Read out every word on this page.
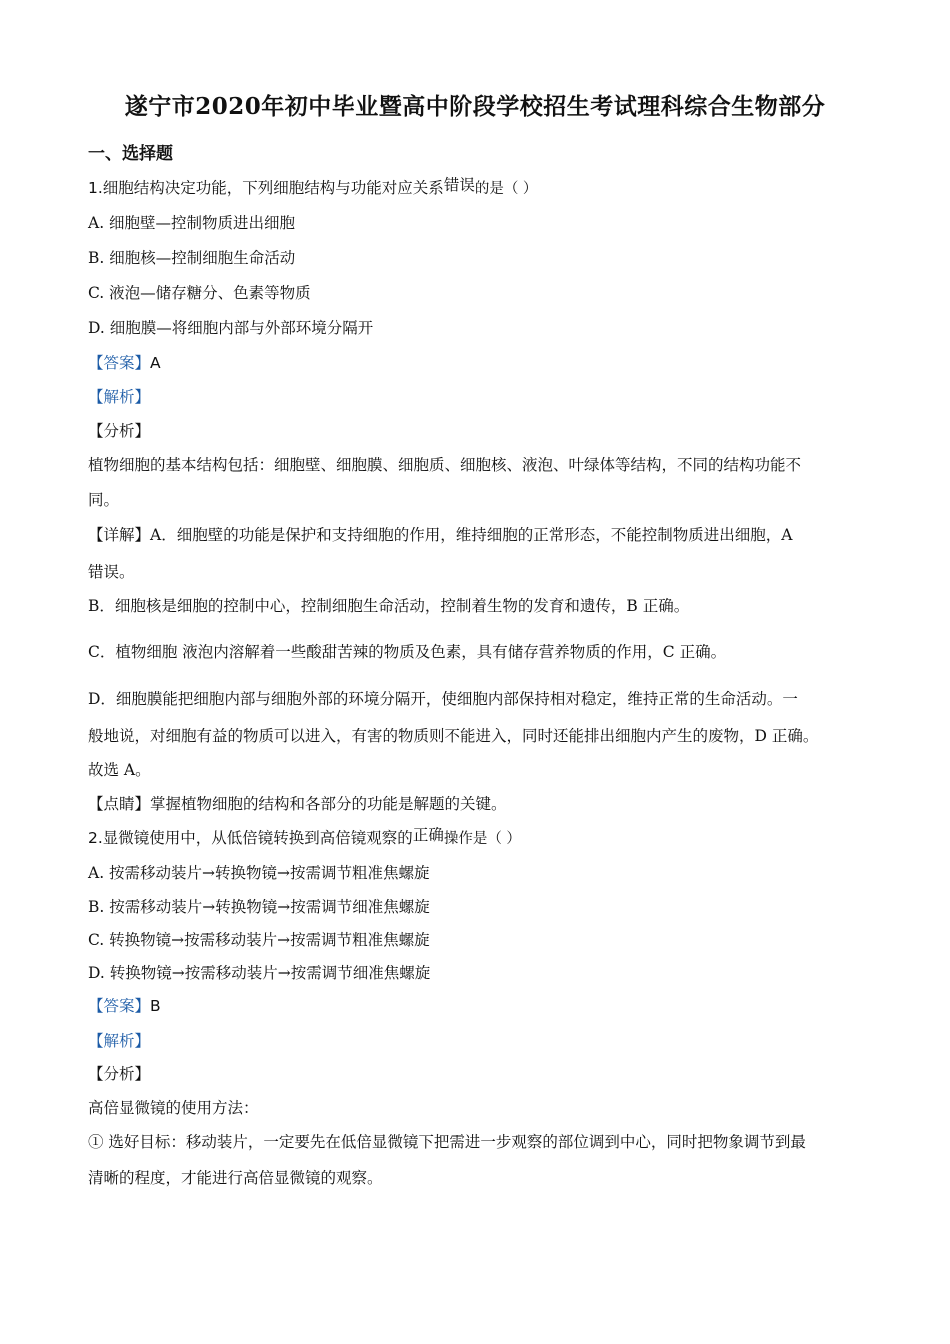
遂宁市2020年初中毕业暨高中阶段学校招生考试理科综合生物部分
一、选择题
1.细胞结构决定功能，下列细胞结构与功能对应关系错误的是（ ）
A. 细胞壁—控制物质进出细胞
B. 细胞核—控制细胞生命活动
C. 液泡—储存糖分、色素等物质
D. 细胞膜—将细胞内部与外部环境分隔开
【答案】A
【解析】
【分析】
植物细胞的基本结构包括：细胞壁、细胞膜、细胞质、细胞核、液泡、叶绿体等结构，不同的结构功能不
同。
【详解】A．细胞壁的功能是保护和支持细胞的作用，维持细胞的正常形态，不能控制物质进出细胞，A
错误。
B．细胞核是细胞的控制中心，控制细胞生命活动，控制着生物的发育和遗传，B 正确。
C．植物细胞 液泡内溶解着一些酸甜苦辣的物质及色素，具有储存营养物质的作用，C 正确。
D．细胞膜能把细胞内部与细胞外部的环境分隔开，使细胞内部保持相对稳定，维持正常的生命活动。一
般地说，对细胞有益的物质可以进入，有害的物质则不能进入，同时还能排出细胞内产生的废物，D 正确。
故选 A。
【点睛】掌握植物细胞的结构和各部分的功能是解题的关键。
2.显微镜使用中，从低倍镜转换到高倍镜观察的正确操作是（ ）
A. 按需移动装片→转换物镜→按需调节粗准焦螺旋
B. 按需移动装片→转换物镜→按需调节细准焦螺旋
C. 转换物镜→按需移动装片→按需调节粗准焦螺旋
D. 转换物镜→按需移动装片→按需调节细准焦螺旋
【答案】B
【解析】
【分析】
高倍显微镜的使用方法：
① 选好目标：移动装片，一定要先在低倍显微镜下把需进一步观察的部位调到中心，同时把物象调节到最
清晰的程度，才能进行高倍显微镜的观察。
